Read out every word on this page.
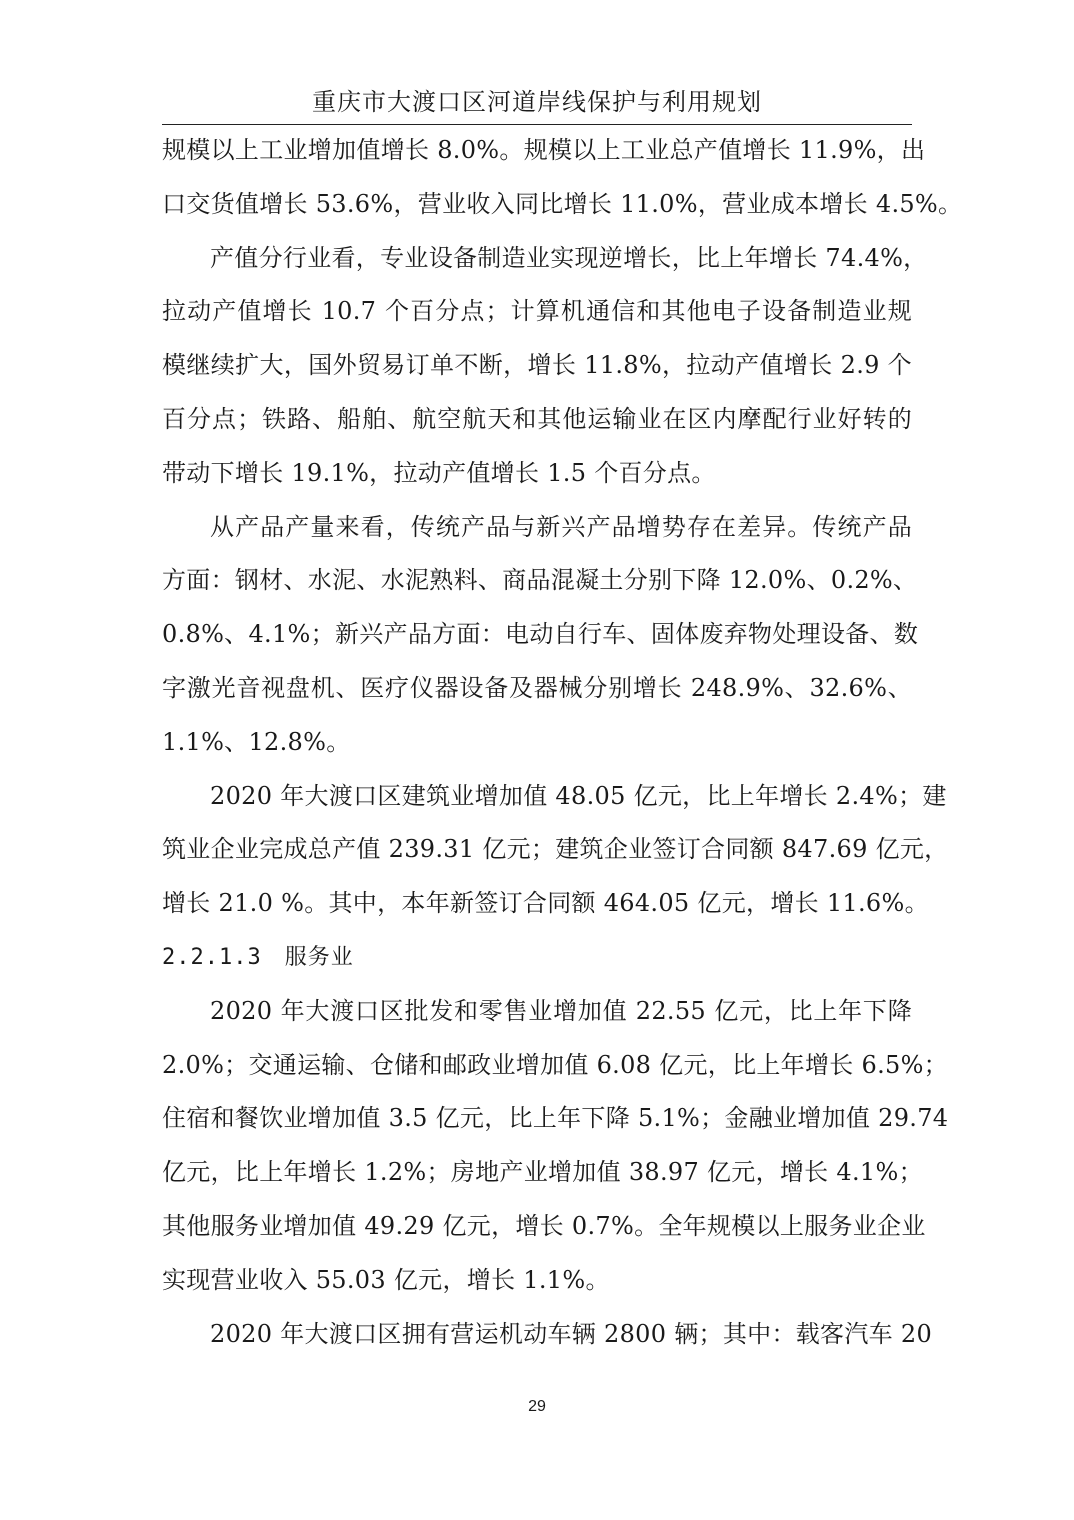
重庆市大渡口区河道岸线保护与利用规划
规模以上工业增加值增长 8.0%。规模以上工业总产值增长 11.9%，出
口交货值增长 53.6%，营业收入同比增长 11.0%，营业成本增长 4.5%。
产值分行业看，专业设备制造业实现逆增长，比上年增长 74.4%，
拉动产值增长 10.7 个百分点；计算机通信和其他电子设备制造业规
模继续扩大，国外贸易订单不断，增长 11.8%，拉动产值增长 2.9 个
百分点；铁路、船舶、航空航天和其他运输业在区内摩配行业好转的
带动下增长 19.1%，拉动产值增长 1.5 个百分点。
从产品产量来看，传统产品与新兴产品增势存在差异。传统产品
方面：钢材、水泥、水泥熟料、商品混凝土分别下降 12.0%、0.2%、
0.8%、4.1%；新兴产品方面：电动自行车、固体废弃物处理设备、数
字激光音视盘机、医疗仪器设备及器械分别增长 248.9%、32.6%、
1.1%、12.8%。
2020 年大渡口区建筑业增加值 48.05 亿元，比上年增长 2.4%；建
筑业企业完成总产值 239.31 亿元；建筑企业签订合同额 847.69 亿元，
增长 21.0 %。其中，本年新签订合同额 464.05 亿元，增长 11.6%。
2.2.1.3　服务业
2020 年大渡口区批发和零售业增加值 22.55 亿元，比上年下降
2.0%；交通运输、仓储和邮政业增加值 6.08 亿元，比上年增长 6.5%；
住宿和餐饮业增加值 3.5 亿元，比上年下降 5.1%；金融业增加值 29.74
亿元，比上年增长 1.2%；房地产业增加值 38.97 亿元，增长 4.1%；
其他服务业增加值 49.29 亿元，增长 0.7%。全年规模以上服务业企业
实现营业收入 55.03 亿元，增长 1.1%。
2020 年大渡口区拥有营运机动车辆 2800 辆；其中：载客汽车 20
29
